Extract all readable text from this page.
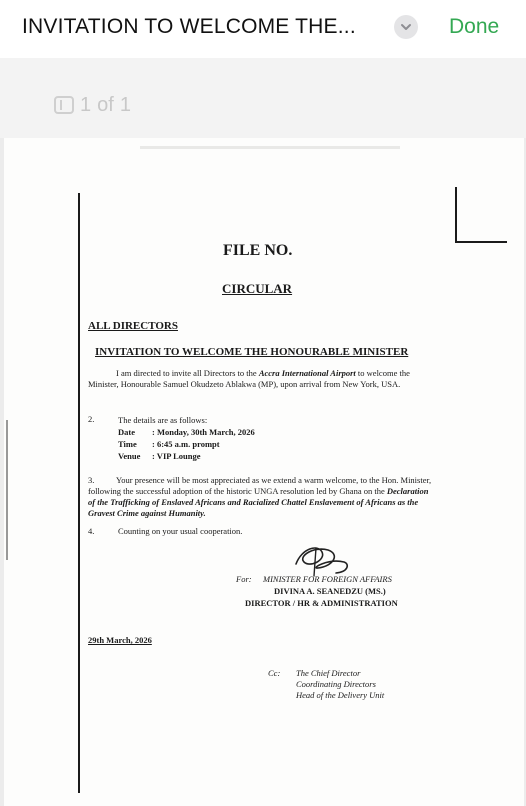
INVITATION TO WELCOME THE...	Done
1 of 1
FILE NO.
CIRCULAR
ALL DIRECTORS
INVITATION TO WELCOME THE HONOURABLE MINISTER
I am directed to invite all Directors to the Accra International Airport to welcome the Minister, Honourable Samuel Okudzeto Ablakwa (MP), upon arrival from New York, USA.
2.	The details are as follows:
Date : Monday, 30th March, 2026
Time : 6:45 a.m. prompt
Venue : VIP Lounge
3.	Your presence will be most appreciated as we extend a warm welcome, to the Hon. Minister, following the successful adoption of the historic UNGA resolution led by Ghana on the Declaration of the Trafficking of Enslaved Africans and Racialized Chattel Enslavement of Africans as the Gravest Crime against Humanity.
4.	Counting on your usual cooperation.
For: MINISTER FOR FOREIGN AFFAIRS
DIVINA A. SEANEDZU (MS.)
DIRECTOR / HR & ADMINISTRATION
29th March, 2026
Cc: The Chief Director
Coordinating Directors
Head of the Delivery Unit
